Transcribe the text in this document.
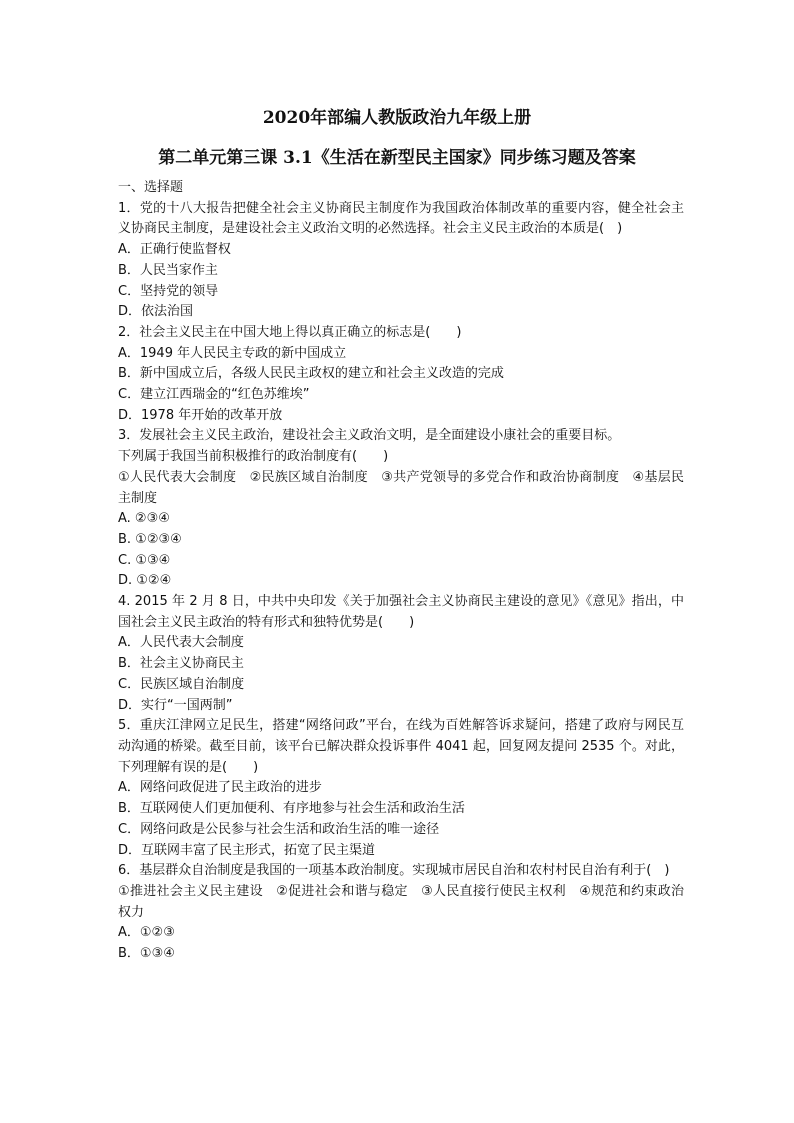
2020年部编人教版政治九年级上册
第二单元第三课 3.1《生活在新型民主国家》同步练习题及答案
一、选择题
1．党的十八大报告把健全社会主义协商民主制度作为我国政治体制改革的重要内容，健全社会主义协商民主制度，是建设社会主义政治文明的必然选择。社会主义民主政治的本质是(　)
A．正确行使监督权
B．人民当家作主
C．坚持党的领导
D．依法治国
2．社会主义民主在中国大地上得以真正确立的标志是(　　)
A．1949 年人民民主专政的新中国成立
B．新中国成立后，各级人民民主政权的建立和社会主义改造的完成
C．建立江西瑞金的“红色苏维埃”
D．1978 年开始的改革开放
3．发展社会主义民主政治，建设社会主义政治文明，是全面建设小康社会的重要目标。
下列属于我国当前积极推行的政治制度有(　　)
①人民代表大会制度　②民族区域自治制度　③共产党领导的多党合作和政治协商制度　④基层民主制度
A. ②③④
B. ①②③④
C. ①③④
D. ①②④
4. 2015 年 2 月 8 日，中共中央印发《关于加强社会主义协商民主建设的意见》《意见》指出，中国社会主义民主政治的特有形式和独特优势是(　　)
A．人民代表大会制度
B．社会主义协商民主
C．民族区域自治制度
D．实行“一国两制”
5．重庆江津网立足民生，搭建“网络问政”平台，在线为百姓解答诉求疑问，搭建了政府与网民互动沟通的桥梁。截至目前，该平台已解决群众投诉事件 4041 起，回复网友提问 2535 个。对此，下列理解有误的是(　　)
A．网络问政促进了民主政治的进步
B．互联网使人们更加便利、有序地参与社会生活和政治生活
C．网络问政是公民参与社会生活和政治生活的唯一途径
D．互联网丰富了民主形式，拓宽了民主渠道
6．基层群众自治制度是我国的一项基本政治制度。实现城市居民自治和农村村民自治有利于(　)
①推进社会主义民主建设　②促进社会和谐与稳定　③人民直接行使民主权利　④规范和约束政治权力
A．①②③
B．①③④
